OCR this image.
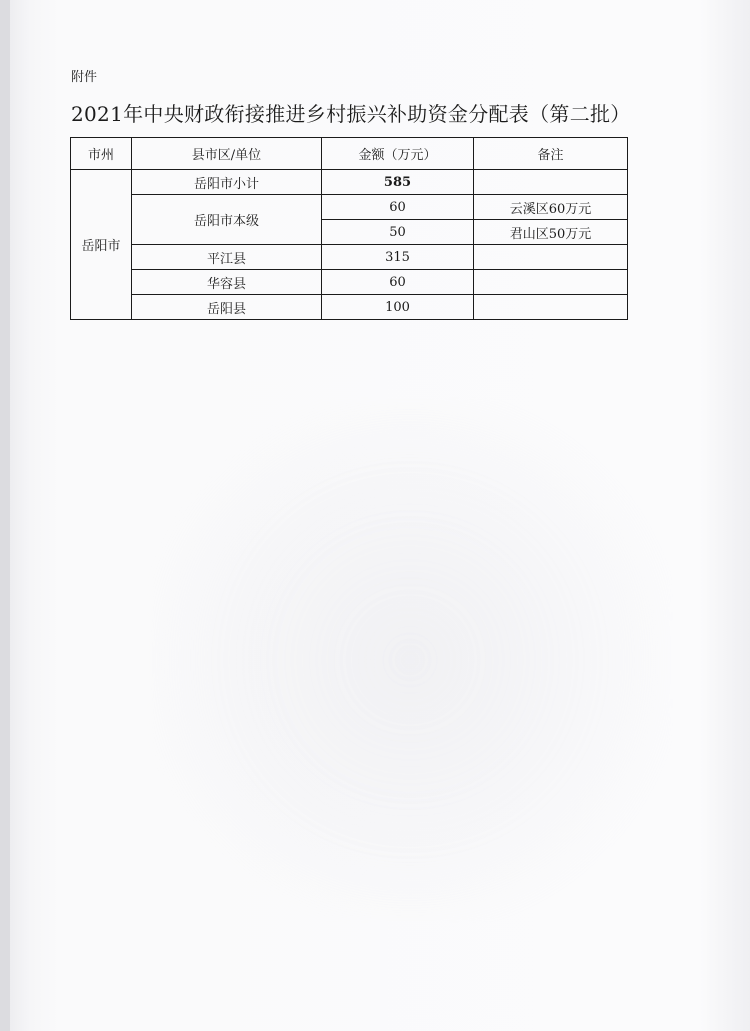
附件
2021年中央财政衔接推进乡村振兴补助资金分配表（第二批）
市州	县市区/单位	金额（万元）	备注
岳阳市	岳阳市小计	585	
	岳阳市本级	60	云溪区60万元
		50	君山区50万元
	平江县	315	
	华容县	60	
	岳阳县	100	
